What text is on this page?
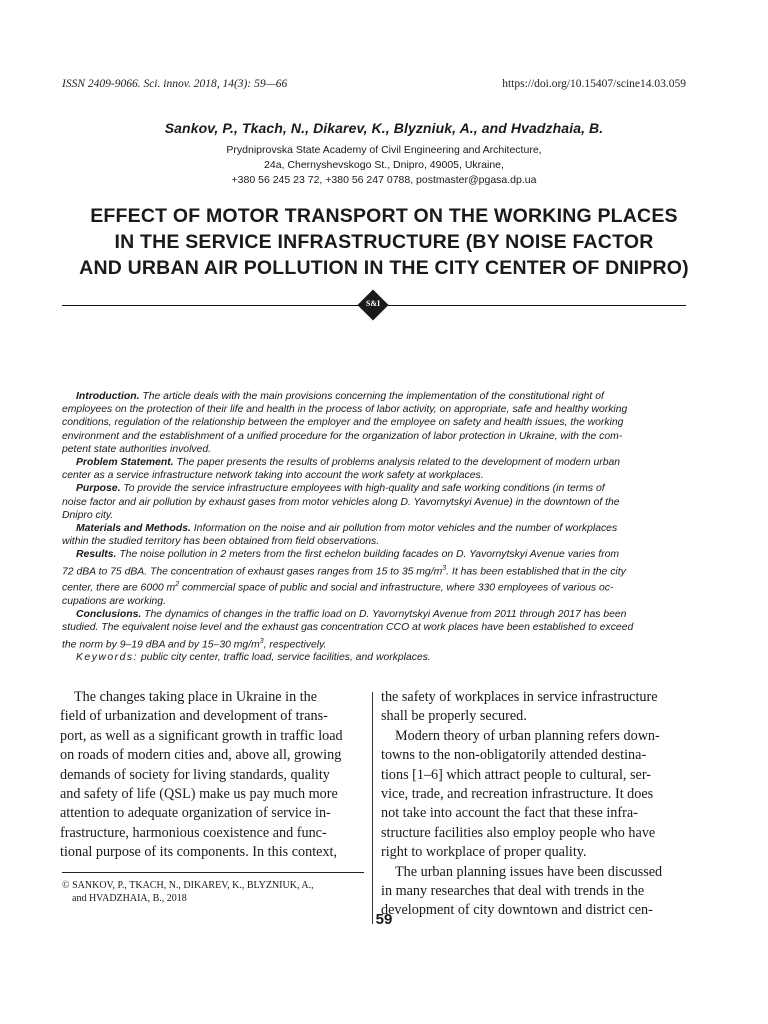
ISSN 2409-9066. Sci. innov. 2018, 14(3): 59—66	https://doi.org/10.15407/scine14.03.059
Sankov, P., Tkach, N., Dikarev, K., Blyzniuk, A., and Hvadzhaia, B.
Prydniprovska State Academy of Civil Engineering and Architecture,
24a, Chernyshevskogo St., Dnipro, 49005, Ukraine,
+380 56 245 23 72, +380 56 247 0788, postmaster@pgasa.dp.ua
EFFECT OF MOTOR TRANSPORT ON THE WORKING PLACES
IN THE SERVICE INFRASTRUCTURE (BY NOISE FACTOR
AND URBAN AIR POLLUTION IN THE CITY CENTER OF DNIPRO)
S&I

Introduction. The article deals with the main provisions concerning the implementation of the constitutional right of

employees on the protection of their life and health in the process of labor activity, on appropriate, safe and healthy working

conditions, regulation of the relationship between the employer and the employee on safety and health issues, the working

environment and the establishment of a unified procedure for the organization of labor protection in Ukraine, with the com-

petent state authorities involved.

Problem Statement. The paper presents the results of problems analysis related to the development of modern urban

center as a service infrastructure network taking into account the work safety at workplaces.

Purpose. To provide the service infrastructure employees with high-quality and safe working conditions (in terms of

noise factor and air pollution by exhaust gases from motor vehicles along D. Yavornytskyi Avenue) in the downtown of the

Dnipro city.

Materials and Methods. Information on the noise and air pollution from motor vehicles and the number of workplaces

within the studied territory has been obtained from field observations.

Results. The noise pollution in 2 meters from the first echelon building facades on D. Yavornytskyi Avenue varies from

72 dBA to 75 dBA. The concentration of exhaust gases ranges from 15 to 35 $mg/m^3$. It has been established that in the city

center, there are 6000 $m^2$ commercial space of public and social and infrastructure, where 330 employees of various oc-

cupations are working.

Conclusions. The dynamics of changes in the traffic load on D. Yavornytskyi Avenue from 2011 through 2017 has been

studied. The equivalent noise level and the exhaust gas concentration CCO at work places have been established to exceed

the norm by 9–19 dBA and by 15–30 $mg/m^3$, respectively.

Keywords: public city center, traffic load, service facilities, and workplaces.

The changes taking place in Ukraine in the
field of urbanization and development of trans-
port, as well as a significant growth in traffic load
on roads of modern cities and, above all, growing
demands of society for living standards, quality
and safety of life (QSL) make us pay much more
attention to adequate organization of service in-
frastructure, harmonious coexistence and func-
tional purpose of its components. In this context,
the safety of workplaces in service infrastructure
shall be properly secured.
Modern theory of urban planning refers down-
towns to the non-obligatorily attended destina-
tions [1–6] which attract people to cultural, ser-
vice, trade, and recreation infrastructure. It does
not take into account the fact that these infra-
structure facilities also employ people who have
right to workplace of proper quality.
The urban planning issues have been discussed
in many researches that deal with trends in the
development of city downtown and district cen-
© SANKOV, P., TKACH, N., DIKAREV, K., BLYZNIUK, A.,
and HVADZHAIA, B., 2018
59
